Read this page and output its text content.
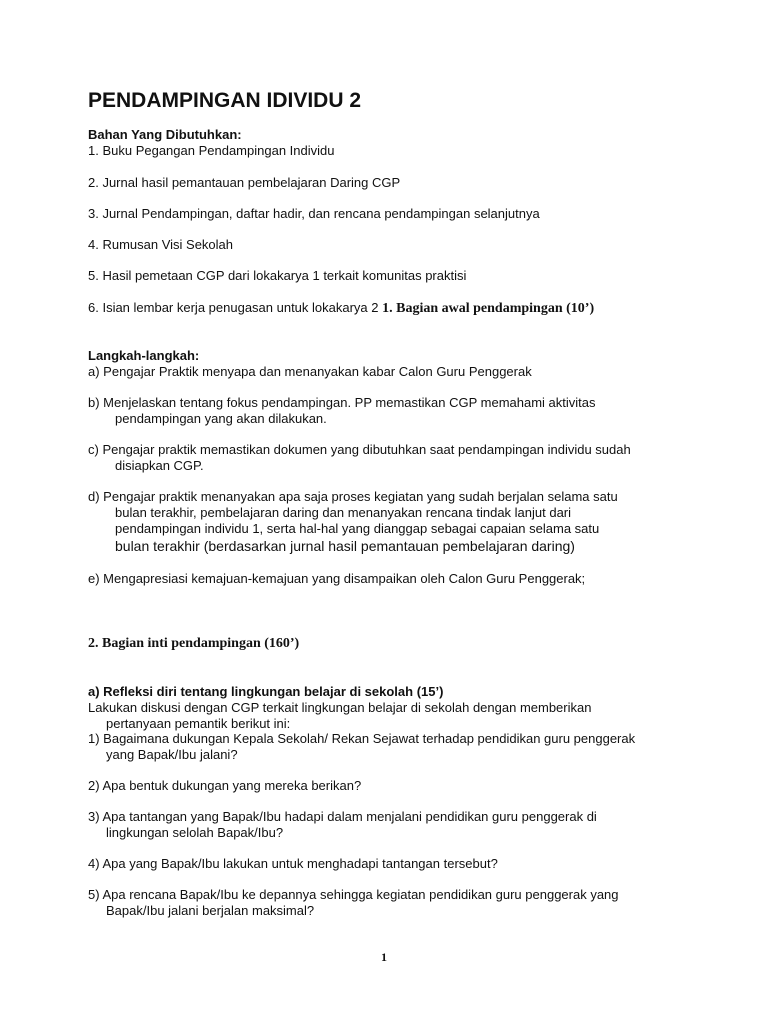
PENDAMPINGAN IDIVIDU 2

Bahan Yang Dibutuhkan:

1. Buku Pegangan Pendampingan Individu

2. Jurnal hasil pemantauan pembelajaran Daring CGP

3. Jurnal Pendampingan, daftar hadir, dan rencana pendampingan selanjutnya

4. Rumusan Visi Sekolah

5. Hasil pemetaan CGP dari lokakarya 1 terkait komunitas praktisi

6. Isian lembar kerja penugasan untuk lokakarya 2 1. Bagian awal pendampingan (10’)

Langkah-langkah:

a) Pengajar Praktik menyapa dan menanyakan kabar Calon Guru Penggerak

b) Menjelaskan tentang fokus pendampingan. PP memastikan CGP memahami aktivitas

pendampingan yang akan dilakukan.

c) Pengajar praktik memastikan dokumen yang dibutuhkan saat pendampingan individu sudah

disiapkan CGP.

d) Pengajar praktik menanyakan apa saja proses kegiatan yang sudah berjalan selama satu

bulan terakhir, pembelajaran daring dan menanyakan rencana tindak lanjut dari

pendampingan individu 1, serta hal-hal yang dianggap sebagai capaian selama satu

bulan terakhir (berdasarkan jurnal hasil pemantauan pembelajaran daring)

e) Mengapresiasi kemajuan-kemajuan yang disampaikan oleh Calon Guru Penggerak;

2. Bagian inti pendampingan (160’)

a) Refleksi diri tentang lingkungan belajar di sekolah (15’)

Lakukan diskusi dengan CGP terkait lingkungan belajar di sekolah dengan memberikan

pertanyaan pemantik berikut ini:

1) Bagaimana dukungan Kepala Sekolah/ Rekan Sejawat terhadap pendidikan guru penggerak

yang Bapak/Ibu jalani?

2) Apa bentuk dukungan yang mereka berikan?

3) Apa tantangan yang Bapak/Ibu hadapi dalam menjalani pendidikan guru penggerak di

lingkungan selolah Bapak/Ibu?

4) Apa yang Bapak/Ibu lakukan untuk menghadapi tantangan tersebut?

5) Apa rencana Bapak/Ibu ke depannya sehingga kegiatan pendidikan guru penggerak yang

Bapak/Ibu jalani berjalan maksimal?

1
